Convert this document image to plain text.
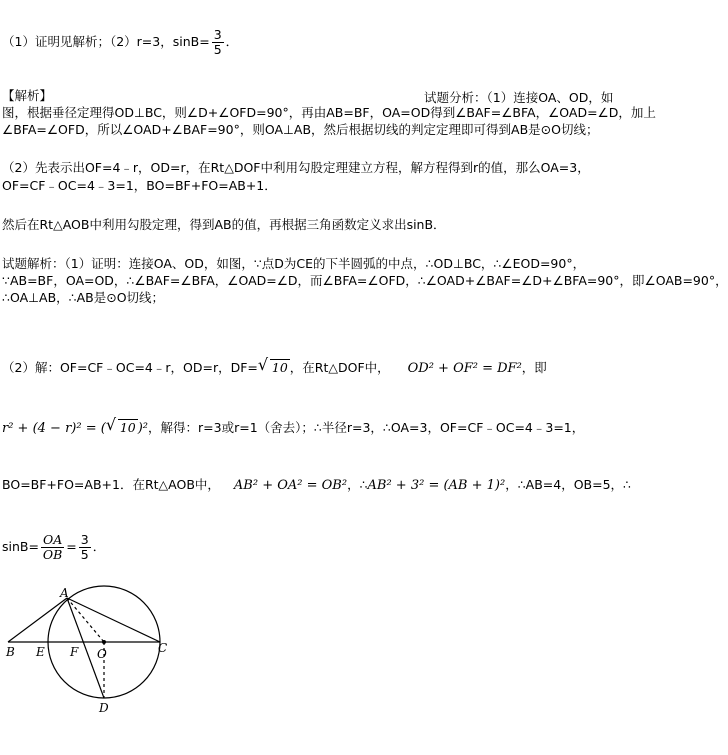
（1）证明见解析；（2）r=3，$\sin B= \frac{3}{5}$ ．
【解析】	试题分析：（1）连接OA、OD，如
图，根据垂径定理得OD⊥BC，则∠D+∠OFD=90°，再由AB=BF，OA=OD得到∠BAF=∠BFA，∠OAD=∠D，加上
∠BFA=∠OFD，所以∠OAD+∠BAF=90°，则OA⊥AB，然后根据切线的判定定理即可得到AB是⊙O切线；
（2）先表示出OF=4﹣r，OD=r，在Rt△DOF中利用勾股定理建立方程，解方程得到r的值，那么OA=3，
OF=CF﹣OC=4﹣3=1，BO=BF+FO=AB+1．
然后在Rt△AOB中利用勾股定理，得到AB的值，再根据三角函数定义求出sinB．
试题解析：（1）证明：连接OA、OD，如图，∵点D为CE的下半圆弧的中点，∴OD⊥BC，∴∠EOD=90°，
∵AB=BF，OA=OD，∴∠BAF=∠BFA，∠OAD=∠D，而∠BFA=∠OFD，∴∠OAD+∠BAF=∠D+∠BFA=90°，即∠OAB=90°，
∴OA⊥AB，∴AB是⊙O切线；
（2）解：OF=CF﹣OC=4﹣r，OD=r，DF= √ 10 ，在Rt△DOF中， OD² + OF² = DF²，即
r² + (4 − r)² = ( √ 10 )²，解得：r=3或r=1（舍去）；∴半径r=3，∴OA=3，OF=CF﹣OC=4﹣3=1，
BO=BF+FO=AB+1．在Rt△AOB中， AB² + OA² = OB²，∴AB² + 3² = (AB + 1)²，∴AB=4，OB=5，∴
$\sin B= \frac{OA}{OB} = \frac{3}{5}$ ．
A
B E F O	C
D
